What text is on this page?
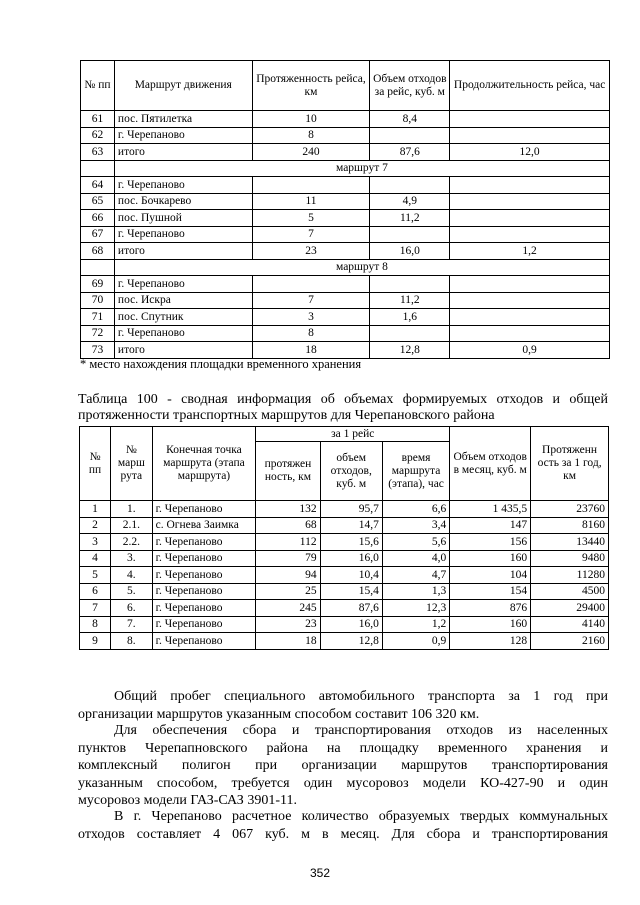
№ пп	Маршрут движения	Протяженность рейса, км	Объем отходов за рейс, куб. м	Продолжительность рейса, час
61	пос. Пятилетка	10	8,4	
62	г. Черепаново	8		
63	итого	240	87,6	12,0
	маршрут 7			
64	г. Черепаново			
65	пос. Бочкарево	11	4,9	
66	пос. Пушной	5	11,2	
67	г. Черепаново	7		
68	итого	23	16,0	1,2
	маршрут 8			
69	г. Черепаново			
70	пос. Искра	7	11,2	
71	пос. Спутник	3	1,6	
72	г. Черепаново	8		
73	итого	18	12,8	0,9
* место нахождения площадки временного хранения
Таблица 100 - сводная информация об объемах формируемых отходов и общей
протяженности транспортных маршрутов для Черепановского района
№ пп	№ марш рута	Конечная точка маршрута (этапа маршрута)	за 1 рейс			Объем отходов в месяц, куб. м	Протяженн ость за 1 год, км
			протяжен ность, км	объем отходов, куб. м	время маршрута (этапа), час		
1	1.	г. Черепаново	132	95,7	6,6	1 435,5	23760
2	2.1.	с. Огнева Заимка	68	14,7	3,4	147	8160
3	2.2.	г. Черепаново	112	15,6	5,6	156	13440
4	3.	г. Черепаново	79	16,0	4,0	160	9480
5	4.	г. Черепаново	94	10,4	4,7	104	11280
6	5.	г. Черепаново	25	15,4	1,3	154	4500
7	6.	г. Черепаново	245	87,6	12,3	876	29400
8	7.	г. Черепаново	23	16,0	1,2	160	4140
9	8.	г. Черепаново	18	12,8	0,9	128	2160
Общий пробег специального автомобильного транспорта за 1 год при
организации маршрутов указанным способом составит 106 320 км.
Для обеспечения сбора и транспортирования отходов из населенных
пунктов Черепапновского района на площадку временного хранения и
комплексный полигон при организации маршрутов транспортирования
указанным способом, требуется один мусоровоз модели КО-427-90 и один
мусоровоз модели ГАЗ-САЗ 3901-11.
В г. Черепаново расчетное количество образуемых твердых коммунальных
отходов составляет 4 067 куб. м в месяц. Для сбора и транспортирования
352
